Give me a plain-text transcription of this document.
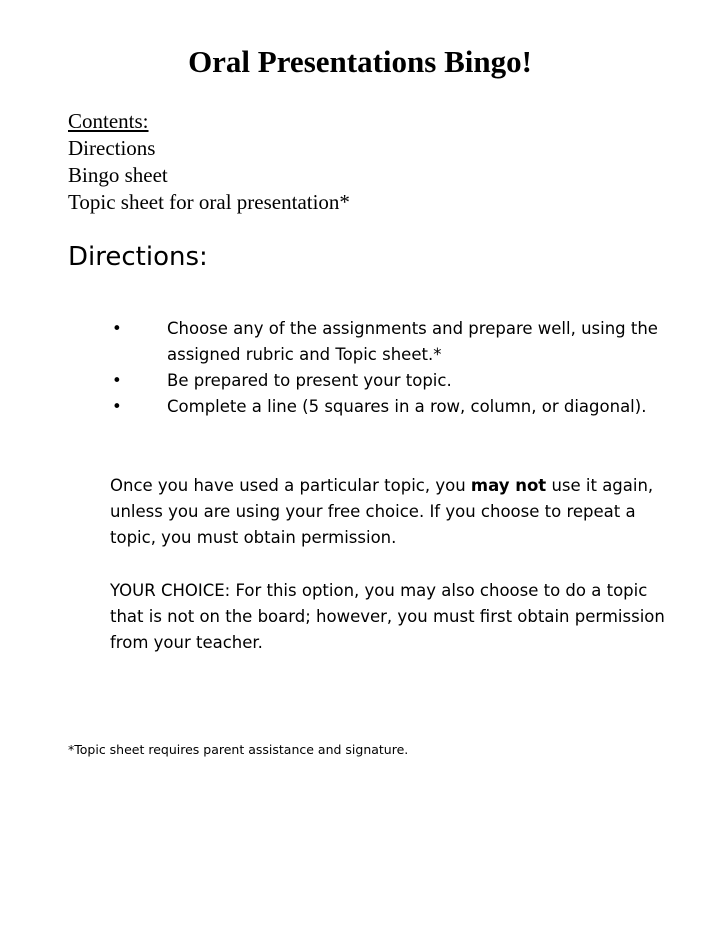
Oral Presentations Bingo!
Contents:
Directions
Bingo sheet
Topic sheet for oral presentation*
Directions:
•	Choose any of the assignments and prepare well, using the assigned rubric and Topic sheet.*
•	Be prepared to present your topic.
•	Complete a line (5 squares in a row, column, or diagonal).

Once you have used a particular topic, you may not use it again, unless you are using your free choice. If you choose to repeat a topic, you must obtain permission.

YOUR CHOICE: For this option, you may also choose to do a topic that is not on the board; however, you must first obtain permission from your teacher.

*Topic sheet requires parent assistance and signature.
